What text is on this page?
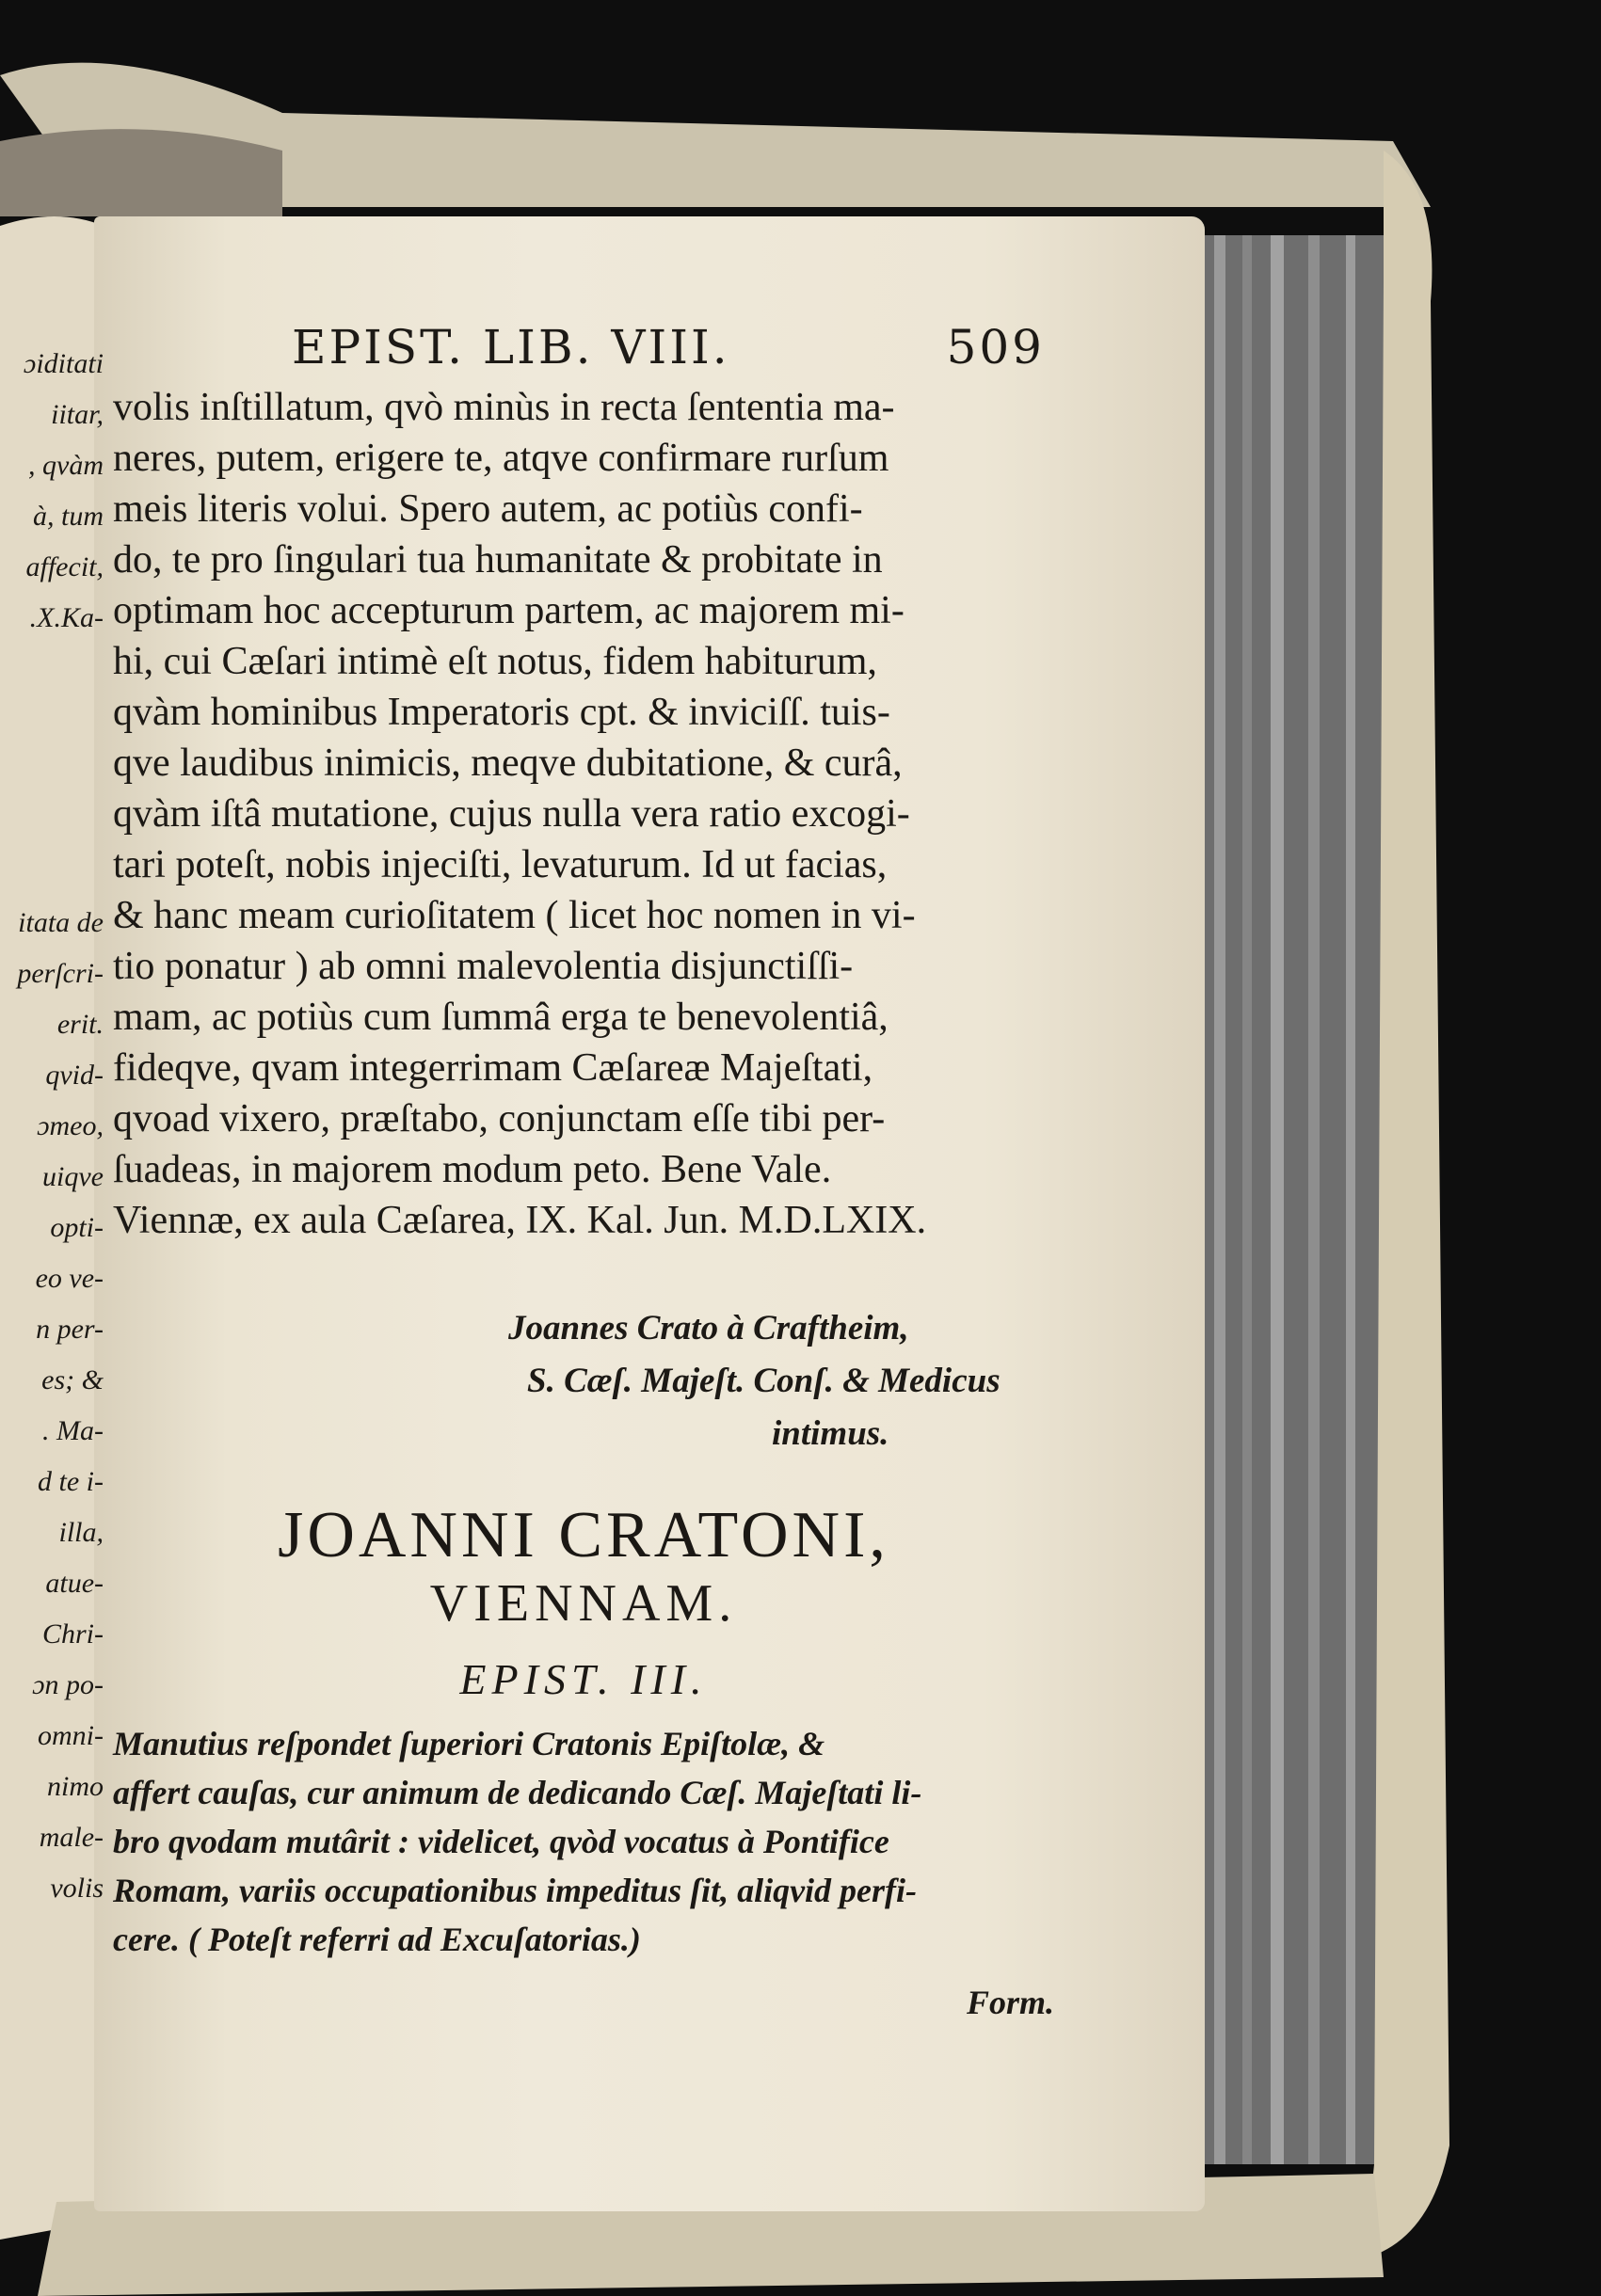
ɔiditati
iitar,
, qvàm
à, tum
affecit,
.X.Ka-

itata de
perſcri-
erit.
qvid-
ɔmeo,
uiqve
opti-
eo ve-
n per-
es; &
. Ma-
d te i-
illa,
atue-
Chri-
ɔn po-
omni-
nimo
male-
volis
EPIST. LIB. VIII.	509
volis inſtillatum, qvò minùs in recta ſententia ma-
neres, putem, erigere te, atqve confirmare rurſum
meis literis volui. Spero autem, ac potiùs confi-
do, te pro ſingulari tua humanitate & probitate in
optimam hoc accepturum partem, ac majorem mi-
hi, cui Cæſari intimè eſt notus, fidem habiturum,
qvàm hominibus Imperatoris cpt. & inviciſſ. tuis-
qve laudibus inimicis, meqve dubitatione, & curâ,
qvàm iſtâ mutatione, cujus nulla vera ratio excogi-
tari poteſt, nobis injeciſti, levaturum. Id ut facias,
& hanc meam curioſitatem ( licet hoc nomen in vi-
tio ponatur ) ab omni malevolentia disjunctiſſi-
mam, ac potiùs cum ſummâ erga te benevolentiâ,
fideqve, qvam integerrimam Cæſareæ Majeſtati,
qvoad vixero, præſtabo, conjunctam eſſe tibi per-
ſuadeas, in majorem modum peto. Bene Vale.
Viennæ, ex aula Cæſarea, IX. Kal. Jun. M.D.LXIX.
Joannes Crato à Crafthеim,
S. Cæſ. Majeſt. Conſ. & Medicus
intimus.
JOANNI CRATONI,
VIENNAM.
EPIST. III.
Manutius reſpondet ſuperiori Cratonis Epiſtolæ, &
affert cauſas, cur animum de dedicando Cæſ. Majeſtati li-
bro qvodam mutârit : videlicet, qvòd vocatus à Pontifice
Romam, variis occupationibus impeditus ſit, aliqvid perfi-
cere. ( Poteſt referri ad Excuſatorias.)
Form.
